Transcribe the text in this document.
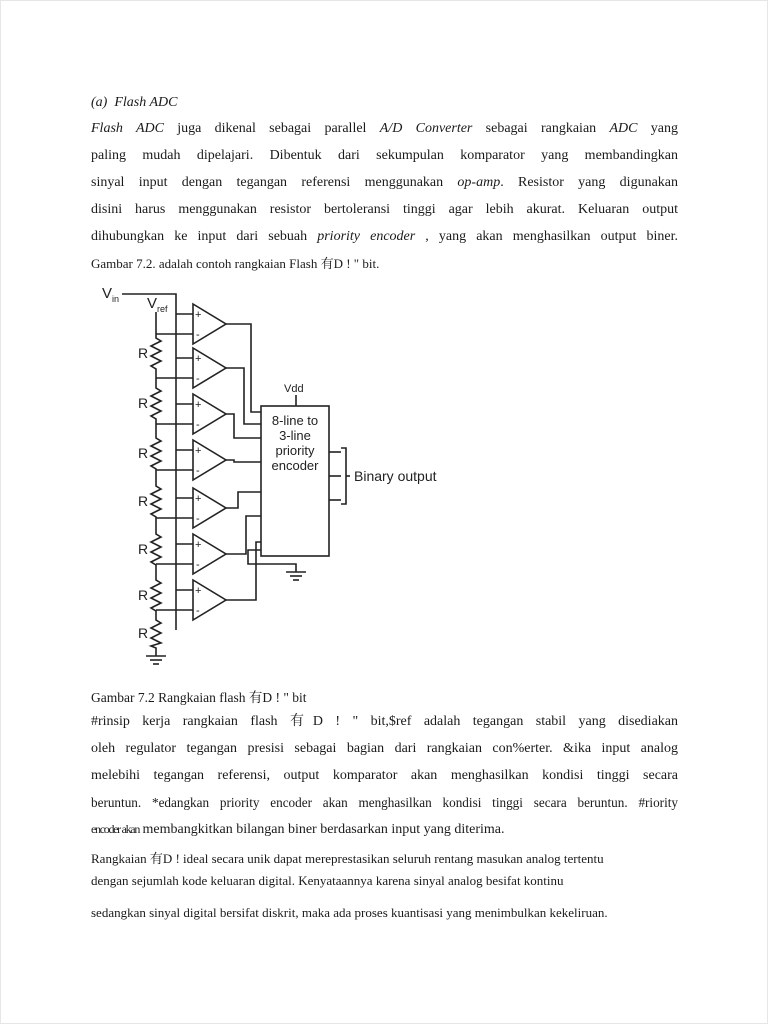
(a) Flash ADC
Flash ADC juga dikenal sebagai parallel A/D Converter sebagai rangkaian ADC yang
paling mudah dipelajari. Dibentuk dari sekumpulan komparator yang membandingkan
sinyal input dengan tegangan referensi menggunakan op-amp. Resistor yang digunakan
disini harus menggunakan resistor bertoleransi tinggi agar lebih akurat. Keluaran output
dihubungkan ke input dari sebuah priority encoder , yang akan menghasilkan output biner.
Gambar 7.2. adalah contoh rangkaian Flash 有D ! " bit.
$V_{in}$ $V_{ref}$
R
R
R
R
R
R
R
+
-
+
-
+
-
+
-
+
-
+
-
+
-
Vdd
8-line to
3-line
priority
encoder
Binary output
Gambar 7.2 Rangkaian flash 有D ! " bit
#rinsip kerja rangkaian flash 有D ! " bit,$ref adalah tegangan stabil yang disediakan
oleh regulator tegangan presisi sebagai bagian dari rangkaian con%erter. &ika input analog
melebihi tegangan referensi, output komparator akan menghasilkan kondisi tinggi secara
beruntun. *edangkan priority encoder akan menghasilkan kondisi tinggi secara beruntun. #riority
encoder akan membangkitkan bilangan biner berdasarkan input yang diterima.
Rangkaian 有D ! ideal secara unik dapat mereprestasikan seluruh rentang masukan analog tertentu
dengan sejumlah kode keluaran digital. Kenyataannya karena sinyal analog besifat kontinu
sedangkan sinyal digital bersifat diskrit, maka ada proses kuantisasi yang menimbulkan kekeliruan.
